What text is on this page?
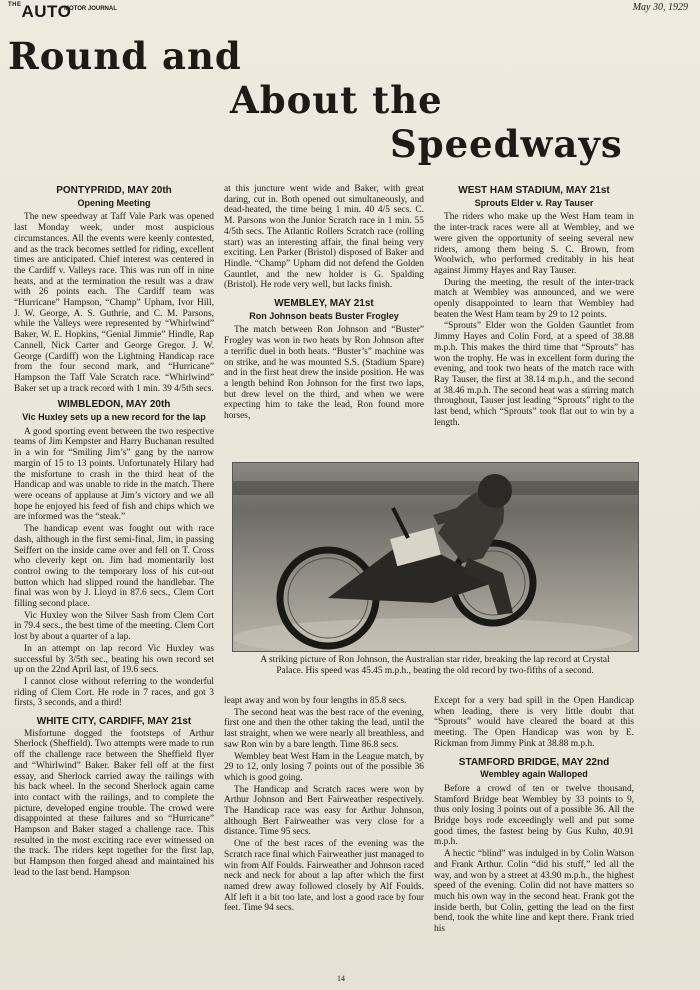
$^{THE}$AUTO
MOTOR JOURNAL	May 30, 1929
Round and
About the
Speedways
PONTYPRIDD, MAY 20th
Opening Meeting

The new speedway at Taff Vale Park was opened last Monday week, under most auspicious circumstances. All the events were keenly contested, and as the track becomes settled for riding, excellent times are anticipated. Chief interest was centered in the Cardiff v. Valleys race. This was run off in nine heats, and at the termination the result was a draw with 26 points each. The Cardiff team was “Hurricane” Hampson, “Champ” Upham, Ivor Hill, J. W. George, A. S. Guthrie, and C. M. Parsons, while the Valleys were represented by “Whirlwind” Baker, W. E. Hopkins, “Genial Jimmie” Hindle, Rap Cannell, Nick Carter and George Gregor. J. W. George (Cardiff) won the Lightning Handicap race from the four second mark, and “Hurricane” Hampson the Taff Vale Scratch race. “Whirlwind” Baker set up a track record with 1 min. 39 4/5th secs.

WIMBLEDON, MAY 20th
Vic Huxley sets up a new record for the lap

A good sporting event between the two respective teams of Jim Kempster and Harry Buchanan resulted in a win for “Smiling Jim’s” gang by the narrow margin of 15 to 13 points. Unfortunately Hilary had the misfortune to crash in the third heat of the Handicap and was unable to ride in the match. There were oceans of applause at Jim’s victory and we all hope he enjoyed his feed of fish and chips which we are informed was the “steak.”

The handicap event was fought out with race dash, although in the first semi-final, Jim, in passing Seiffert on the inside came over and fell on T. Cross who cleverly kept on. Jim had momentarily lost control owing to the temporary loss of his cut-out button which had slipped round the handlebar. The final was won by J. Lloyd in 87.6 secs., Clem Cort filling second place.

Vic Huxley won the Silver Sash from Clem Cort in 79.4 secs., the best time of the meeting. Clem Cort lost by about a quarter of a lap.

In an attempt on lap record Vic Huxley was successful by 3/5th sec., beating his own record set up on the 22nd April last, of 19.6 secs.

I cannot close without referring to the wonderful riding of Clem Cort. He rode in 7 races, and got 3 firsts, 3 seconds, and a third!

WHITE CITY, CARDIFF, MAY 21st

Misfortune dogged the footsteps of Arthur Sherlock (Sheffield). Two attempts were made to run off the challenge race between the Sheffield flyer and “Whirlwind” Baker. Baker fell off at the first essay, and Sherlock carried away the railings with his back wheel. In the second Sherlock again came into contact with the railings, and to complete the picture, developed engine trouble. The crowd were disappointed at these failures and so “Hurricane” Hampson and Baker staged a challenge race. This resulted in the most exciting race ever witnessed on the track. The riders kept together for the first lap, but Hampson then forged ahead and maintained his lead to the last bend. Hampson

at this juncture went wide and Baker, with great daring, cut in. Both opened out simultaneously, and dead-heated, the time being 1 min. 40 4/5 secs. C. M. Parsons won the Junior Scratch race in 1 min. 55 4/5th secs. The Atlantic Rollers Scratch race (rolling start) was an interesting affair, the final being very exciting. Len Parker (Bristol) disposed of Baker and Hindle. “Champ” Upham did not defend the Golden Gauntlet, and the new holder is G. Spalding (Bristol). He rode very well, but lacks finish.

WEMBLEY, MAY 21st
Ron Johnson beats Buster Frogley

The match between Ron Johnson and “Buster” Frogley was won in two heats by Ron Johnson after a terrific duel in both heats. “Buster’s” machine was on strike, and he was mounted S.S. (Stadium Spare) and in the first heat drew the inside position. He was a length behind Ron Johnson for the first two laps, but drew level on the third, and when we were expecting him to take the lead, Ron found more horses,

WEST HAM STADIUM, MAY 21st
Sprouts Elder v. Ray Tauser

The riders who make up the West Ham team in the inter-track races were all at Wembley, and we were given the opportunity of seeing several new riders, among them being S. C. Brown, from Woolwich, who performed creditably in his heat against Jimmy Hayes and Ray Tauser.

During the meeting, the result of the inter-track match at Wembley was announced, and we were openly disappointed to learn that Wembley had beaten the West Ham team by 29 to 12 points.

“Sprouts” Elder won the Golden Gauntlet from Jimmy Hayes and Colin Ford, at a speed of 38.88 m.p.h. This makes the third time that “Sprouts” has won the trophy. He was in excellent form during the evening, and took two heats of the match race with Ray Tauser, the first at 38.14 m.p.h., and the second at 38.46 m.p.h. The second heat was a stirring match throughout, Tauser just leading “Sprouts” right to the last bend, which “Sprouts” took flat out to win by a length.

A striking picture of Ron Johnson, the Australian star rider, breaking the lap record at Crystal Palace. His speed was 45.45 m.p.h., beating the old record by two-fifths of a second.

leapt away and won by four lengths in 85.8 secs.

The second heat was the best race of the evening, first one and then the other taking the lead, until the last straight, when we were nearly all breathless, and saw Ron win by a bare length. Time 86.8 secs.

Wembley beat West Ham in the League match, by 29 to 12, only losing 7 points out of the possible 36 which is good going.

The Handicap and Scratch races were won by Arthur Johnson and Bert Fairweather respectively. The Handicap race was easy for Arthur Johnson, although Bert Fairweather was very close for a distance. Time 95 secs.

One of the best races of the evening was the Scratch race final which Fairweather just managed to win from Alf Foulds. Fairweather and Johnson raced neck and neck for about a lap after which the first named drew away followed closely by Alf Foulds. Alf left it a bit too late, and lost a good race by four feet. Time 94 secs.

Except for a very bad spill in the Open Handicap when leading, there is very little doubt that “Sprouts” would have cleared the board at this meeting. The Open Handicap was won by E. Rickman from Jimmy Pink at 38.88 m.p.h.

STAMFORD BRIDGE, MAY 22nd
Wembley again Walloped

Before a crowd of ten or twelve thousand, Stamford Bridge beat Wembley by 33 points to 9, thus only losing 3 points out of a possible 36. All the Bridge boys rode exceedingly well and put some good times, the fastest being by Gus Kuhn, 40.91 m.p.h.

A hectic “blind” was indulged in by Colin Watson and Frank Arthur. Colin “did his stuff,” led all the way, and won by a street at 43.90 m.p.h., the highest speed of the evening. Colin did not have matters so much his own way in the second heat. Frank got the inside berth, but Colin, getting the lead on the first bend, took the white line and kept there. Frank tried his

14
